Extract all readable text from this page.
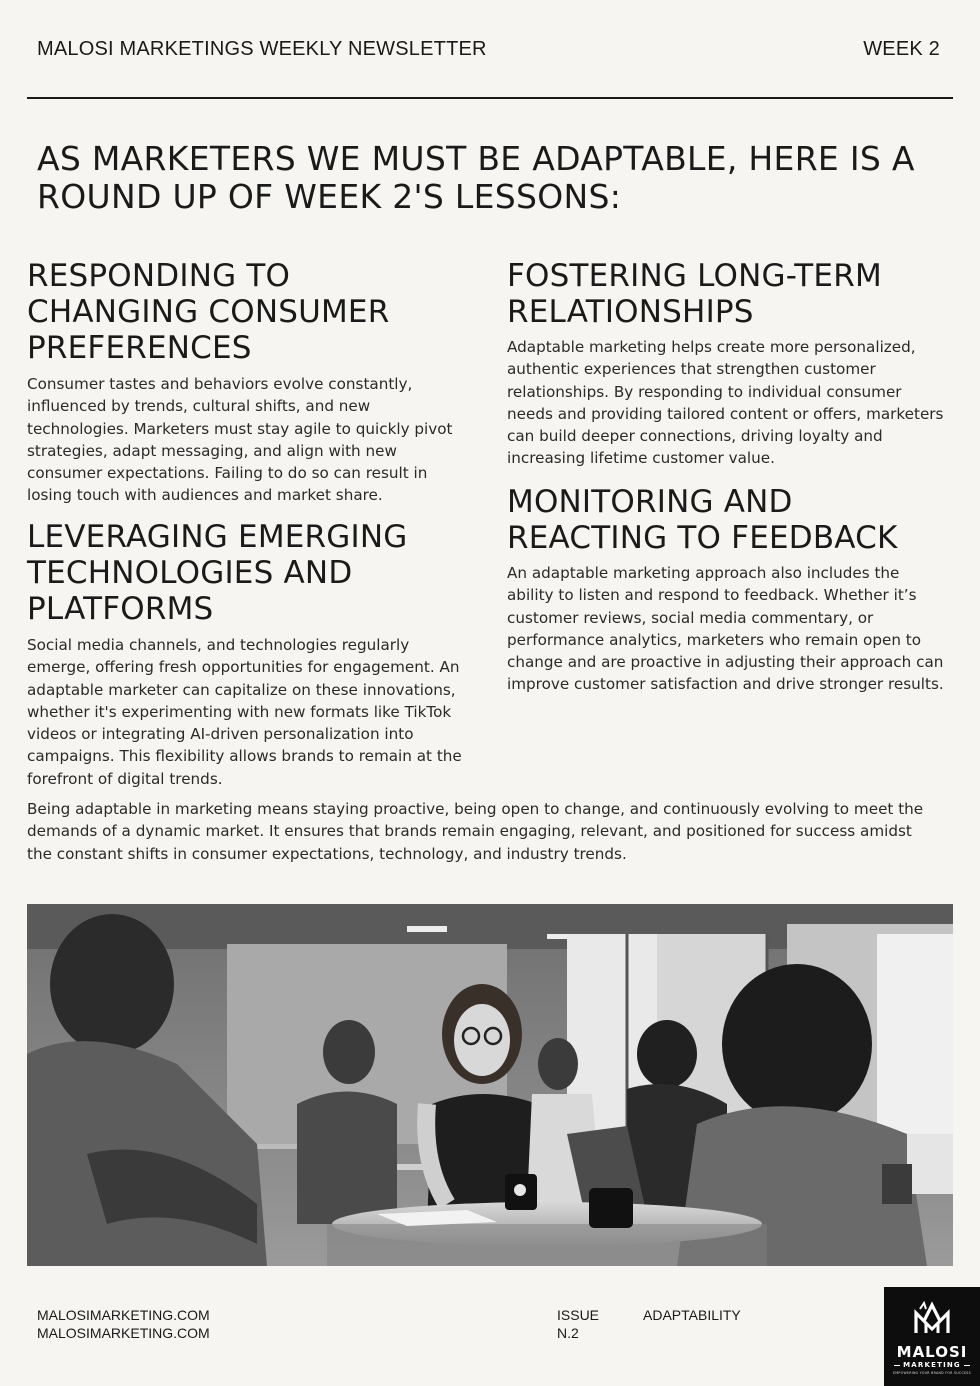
MALOSI MARKETINGS WEEKLY NEWSLETTER	WEEK 2
AS MARKETERS WE MUST BE ADAPTABLE, HERE IS A ROUND UP OF WEEK 2'S LESSONS:
RESPONDING TO CHANGING CONSUMER PREFERENCES

Consumer tastes and behaviors evolve constantly, influenced by trends, cultural shifts, and new technologies. Marketers must stay agile to quickly pivot strategies, adapt messaging, and align with new consumer expectations. Failing to do so can result in losing touch with audiences and market share.

LEVERAGING EMERGING TECHNOLOGIES AND PLATFORMS

Social media channels, and technologies regularly emerge, offering fresh opportunities for engagement. An adaptable marketer can capitalize on these innovations, whether it's experimenting with new formats like TikTok videos or integrating AI-driven personalization into campaigns. This flexibility allows brands to remain at the forefront of digital trends.

FOSTERING LONG-TERM RELATIONSHIPS

Adaptable marketing helps create more personalized, authentic experiences that strengthen customer relationships. By responding to individual consumer needs and providing tailored content or offers, marketers can build deeper connections, driving loyalty and increasing lifetime customer value.

MONITORING AND REACTING TO FEEDBACK

An adaptable marketing approach also includes the ability to listen and respond to feedback. Whether it’s customer reviews, social media commentary, or performance analytics, marketers who remain open to change and are proactive in adjusting their approach can improve customer satisfaction and drive stronger results.

Being adaptable in marketing means staying proactive, being open to change, and continuously evolving to meet the demands of a dynamic market. It ensures that brands remain engaging, relevant, and positioned for success amidst the constant shifts in consumer expectations, technology, and industry trends.

MALOSIMARKETING.COM
MALOSIMARKETING.COM
ISSUE
N.2
ADAPTABILITY
MALOSI
MARKETING
EMPOWERING YOUR BRAND FOR SUCCESS
